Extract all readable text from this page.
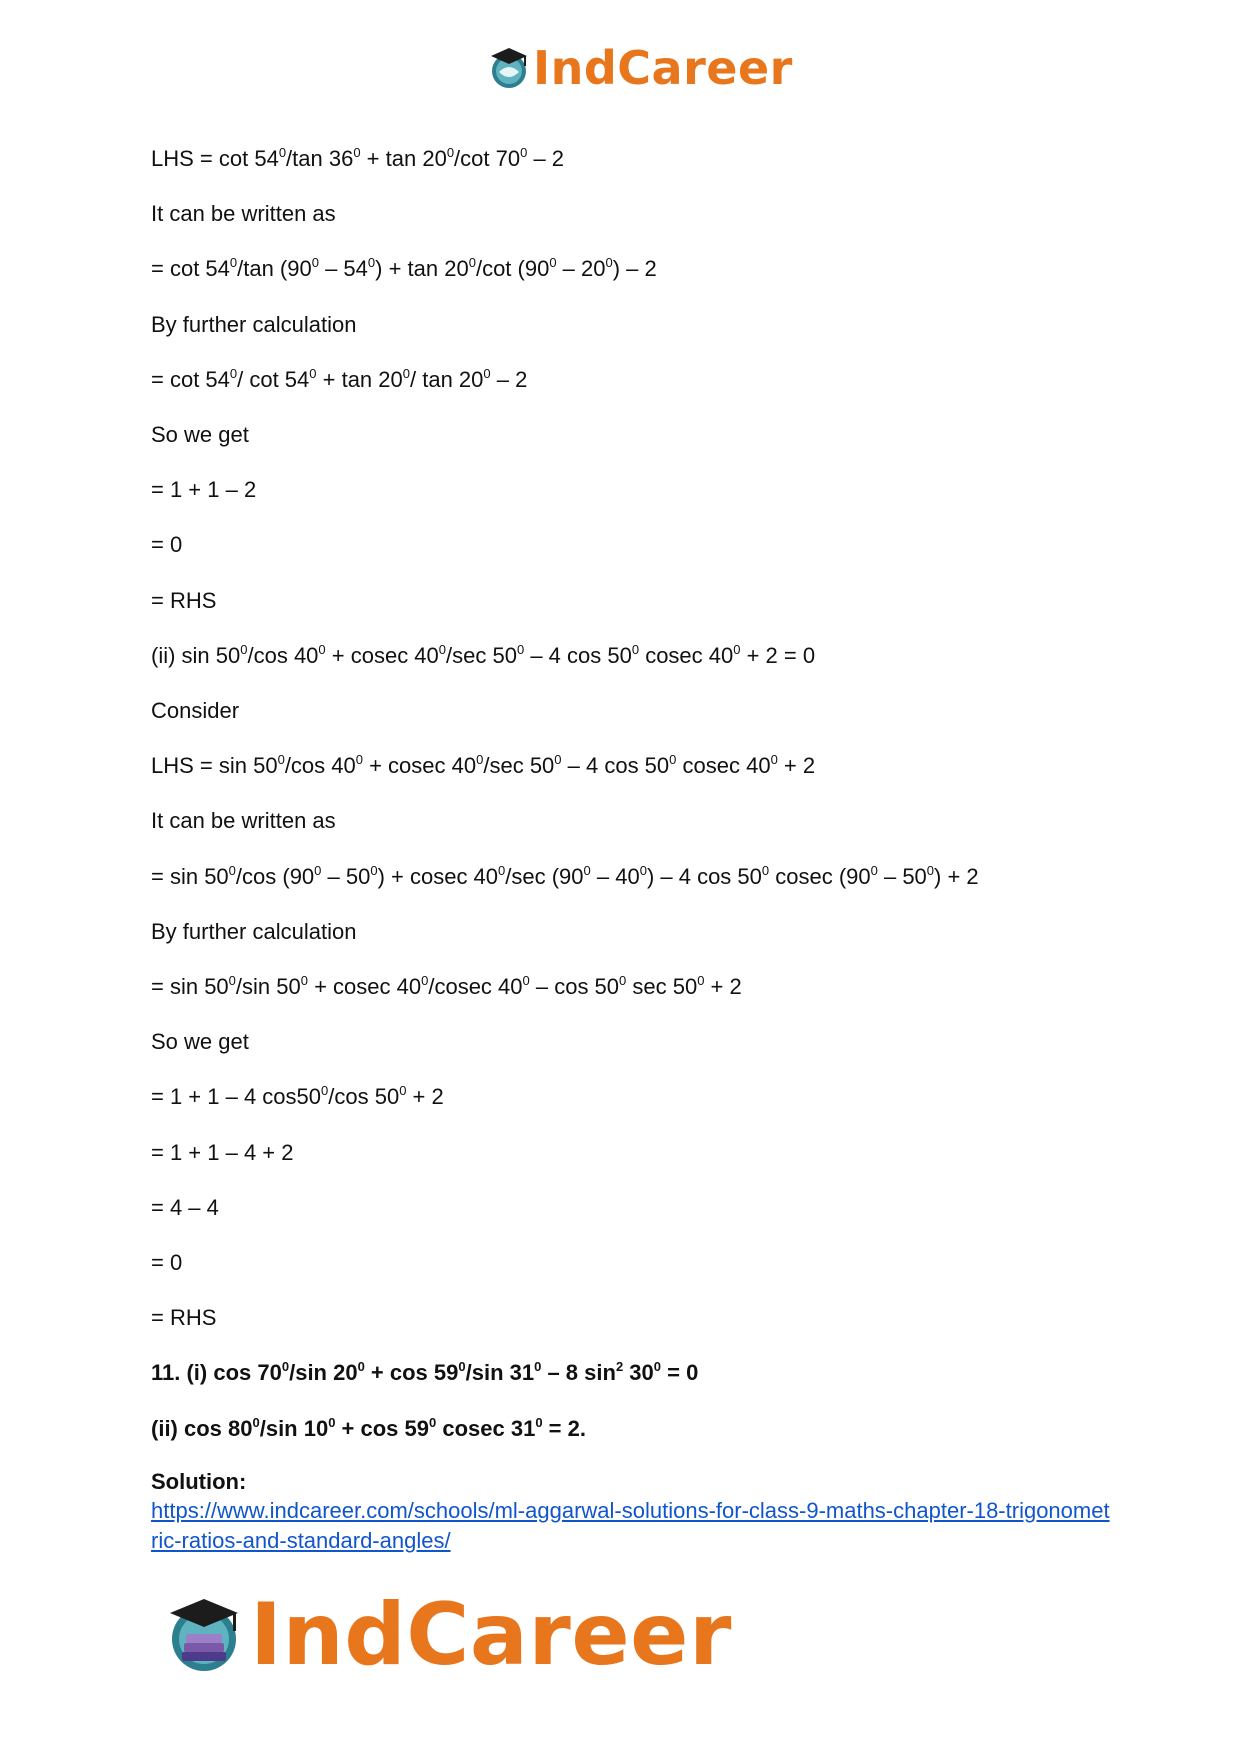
IndCareer
LHS = $\cot 54^0/\tan$ $36^0 + \tan 20^0/\cot$ $70^0 - 2$
It can be written as
= $\cot 54^0/\tan$ $(90^0 - 54^0) + \tan 20^0/\cot$ $(90^0 - 20^0) - 2$
By further calculation
= $\cot 54^0/$ $\cot 54^0 + \tan 20^0/$ $\tan 20^0 - 2$
So we get
= 1 + 1 – 2
= 0
= RHS
(ii) $\sin 50^0/\cos$ $40^0 + cosec$ $40^0/\sec$ $50^0 - 4$ $\cos 50^0$ cosec $40^0 + 2 = 0$
Consider
LHS = $\sin 50^0/\cos$ $40^0 + cosec$ $40^0/\sec$ $50^0 - 4$ $\cos 50^0$ cosec $40^0 + 2$
It can be written as
= $\sin 50^0/\cos$ $(90^0 - 50^0) + cosec$ $40^0/\sec$ $(90^0 - 40^0) - 4$ $\cos 50^0$ cosec $(90^0 - 50^0) + 2$
By further calculation
= $\sin 50^0/\sin$ $50^0 + cosec$ $40^0$/cosec $40^0$ – $\cos 50^0$ $\sec 50^0 + 2$
So we get
= 1 + 1 – 4 $\cos 50^0/\cos$ $50^0 + 2$
= 1 + 1 – 4 + 2
= 4 – 4
= 0
= RHS
11. (i) $\cos 70^0/\sin$ $20^0 + \cos 59^0/\sin$ $31^0 - 8$ $\sin^2 30^0 = 0$
(ii) $\cos 80^0/\sin$ $10^0 + \cos 59^0$ cosec $31^0 = 2$.
Solution:
https://www.indcareer.com/schools/ml-aggarwal-solutions-for-class-9-maths-chapter-18-trigonometric-ratios-and-standard-angles/
IndCareer
